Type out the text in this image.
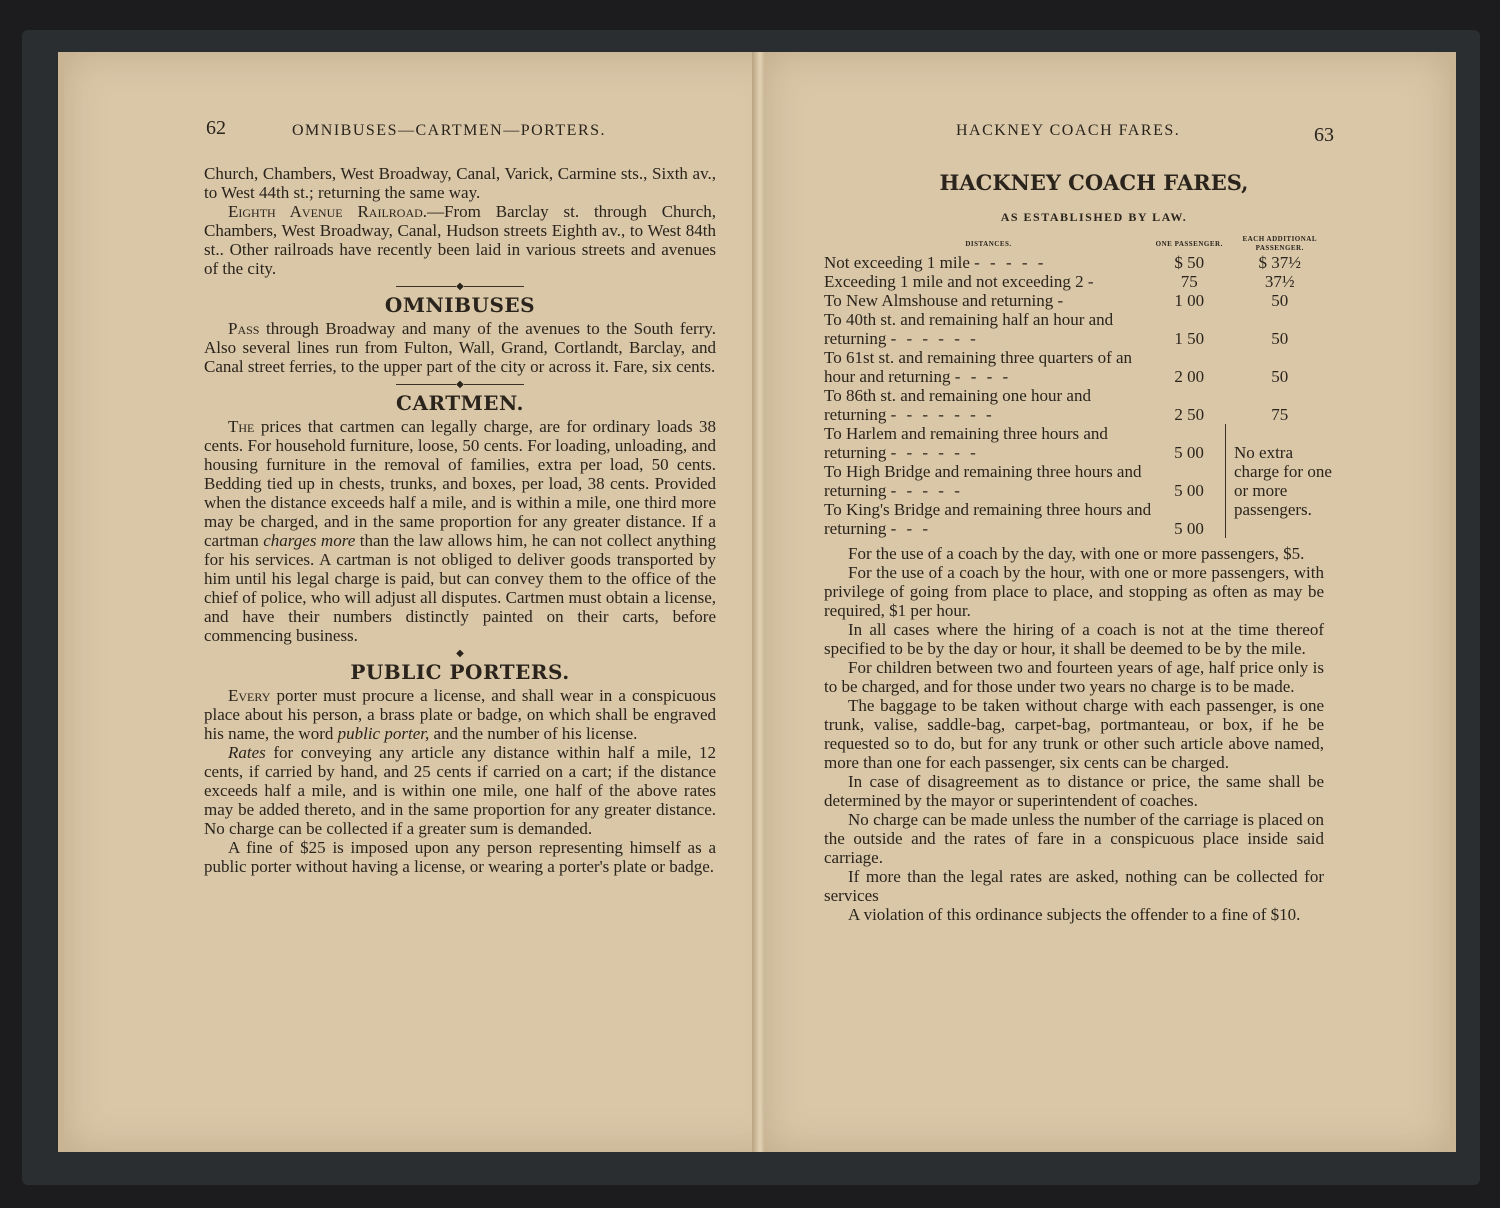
62	OMNIBUSES—CARTMEN—PORTERS.

Church, Chambers, West Broadway, Canal, Varick, Carmine sts., Sixth av., to West 44th st.; returning the same way.

Eighth Avenue Railroad.—From Barclay st. through Church, Chambers, West Broadway, Canal, Hudson streets Eighth av., to West 84th st.. Other railroads have recently been laid in various streets and avenues of the city.

◆
OMNIBUSES

Pass through Broadway and many of the avenues to the South ferry. Also several lines run from Fulton, Wall, Grand, Cortlandt, Barclay, and Canal street ferries, to the upper part of the city or across it. Fare, six cents.

◆
CARTMEN.

The prices that cartmen can legally charge, are for ordinary loads 38 cents. For household furniture, loose, 50 cents. For loading, unloading, and housing furniture in the removal of families, extra per load, 50 cents. Bedding tied up in chests, trunks, and boxes, per load, 38 cents. Provided when the distance exceeds half a mile, and is within a mile, one third more may be charged, and in the same proportion for any greater distance. If a cartman charges more than the law allows him, he can not collect anything for his services. A cartman is not obliged to deliver goods transported by him until his legal charge is paid, but can convey them to the office of the chief of police, who will adjust all disputes. Cartmen must obtain a license, and have their numbers distinctly painted on their carts, before commencing business.

◆
PUBLIC PORTERS.

Every porter must procure a license, and shall wear in a conspicuous place about his person, a brass plate or badge, on which shall be engraved his name, the word public porter, and the number of his license.

Rates for conveying any article any distance within half a mile, 12 cents, if carried by hand, and 25 cents if carried on a cart; if the distance exceeds half a mile, and is within one mile, one half of the above rates may be added thereto, and in the same proportion for any greater distance. No charge can be collected if a greater sum is demanded.

A fine of $25 is imposed upon any person representing himself as a public porter without having a license, or wearing a porter's plate or badge.

HACKNEY COACH FARES.	63
HACKNEY COACH FARES,
AS ESTABLISHED BY LAW.
DISTANCES.	ONE PASSENGER.	EACH ADDITIONAL PASSENGER.
Not exceeding 1 mile - - - - -	$ 50	$ 37½
Exceeding 1 mile and not exceeding 2 -	75	37½
To New Almshouse and returning -	1 00	50
To 40th st. and remaining half an hour and returning - - - - - -	1 50	50
To 61st st. and remaining three quarters of an hour and returning - - - -	2 00	50
To 86th st. and remaining one hour and returning - - - - - - -	2 50	75
To Harlem and remaining three hours and returning - - - - - -	5 00	No extra charge for one or more passengers.
To High Bridge and remaining three hours and returning - - - - -	5 00	
To King's Bridge and remaining three hours and returning - - -	5 00	

For the use of a coach by the day, with one or more passengers, $5.

For the use of a coach by the hour, with one or more passengers, with privilege of going from place to place, and stopping as often as may be required, $1 per hour.

In all cases where the hiring of a coach is not at the time thereof specified to be by the day or hour, it shall be deemed to be by the mile.

For children between two and fourteen years of age, half price only is to be charged, and for those under two years no charge is to be made.

The baggage to be taken without charge with each passenger, is one trunk, valise, saddle-bag, carpet-bag, portmanteau, or box, if he be requested so to do, but for any trunk or other such article above named, more than one for each passenger, six cents can be charged.

In case of disagreement as to distance or price, the same shall be determined by the mayor or superintendent of coaches.

No charge can be made unless the number of the carriage is placed on the outside and the rates of fare in a conspicuous place inside said carriage.

If more than the legal rates are asked, nothing can be collected for services

A violation of this ordinance subjects the offender to a fine of $10.
